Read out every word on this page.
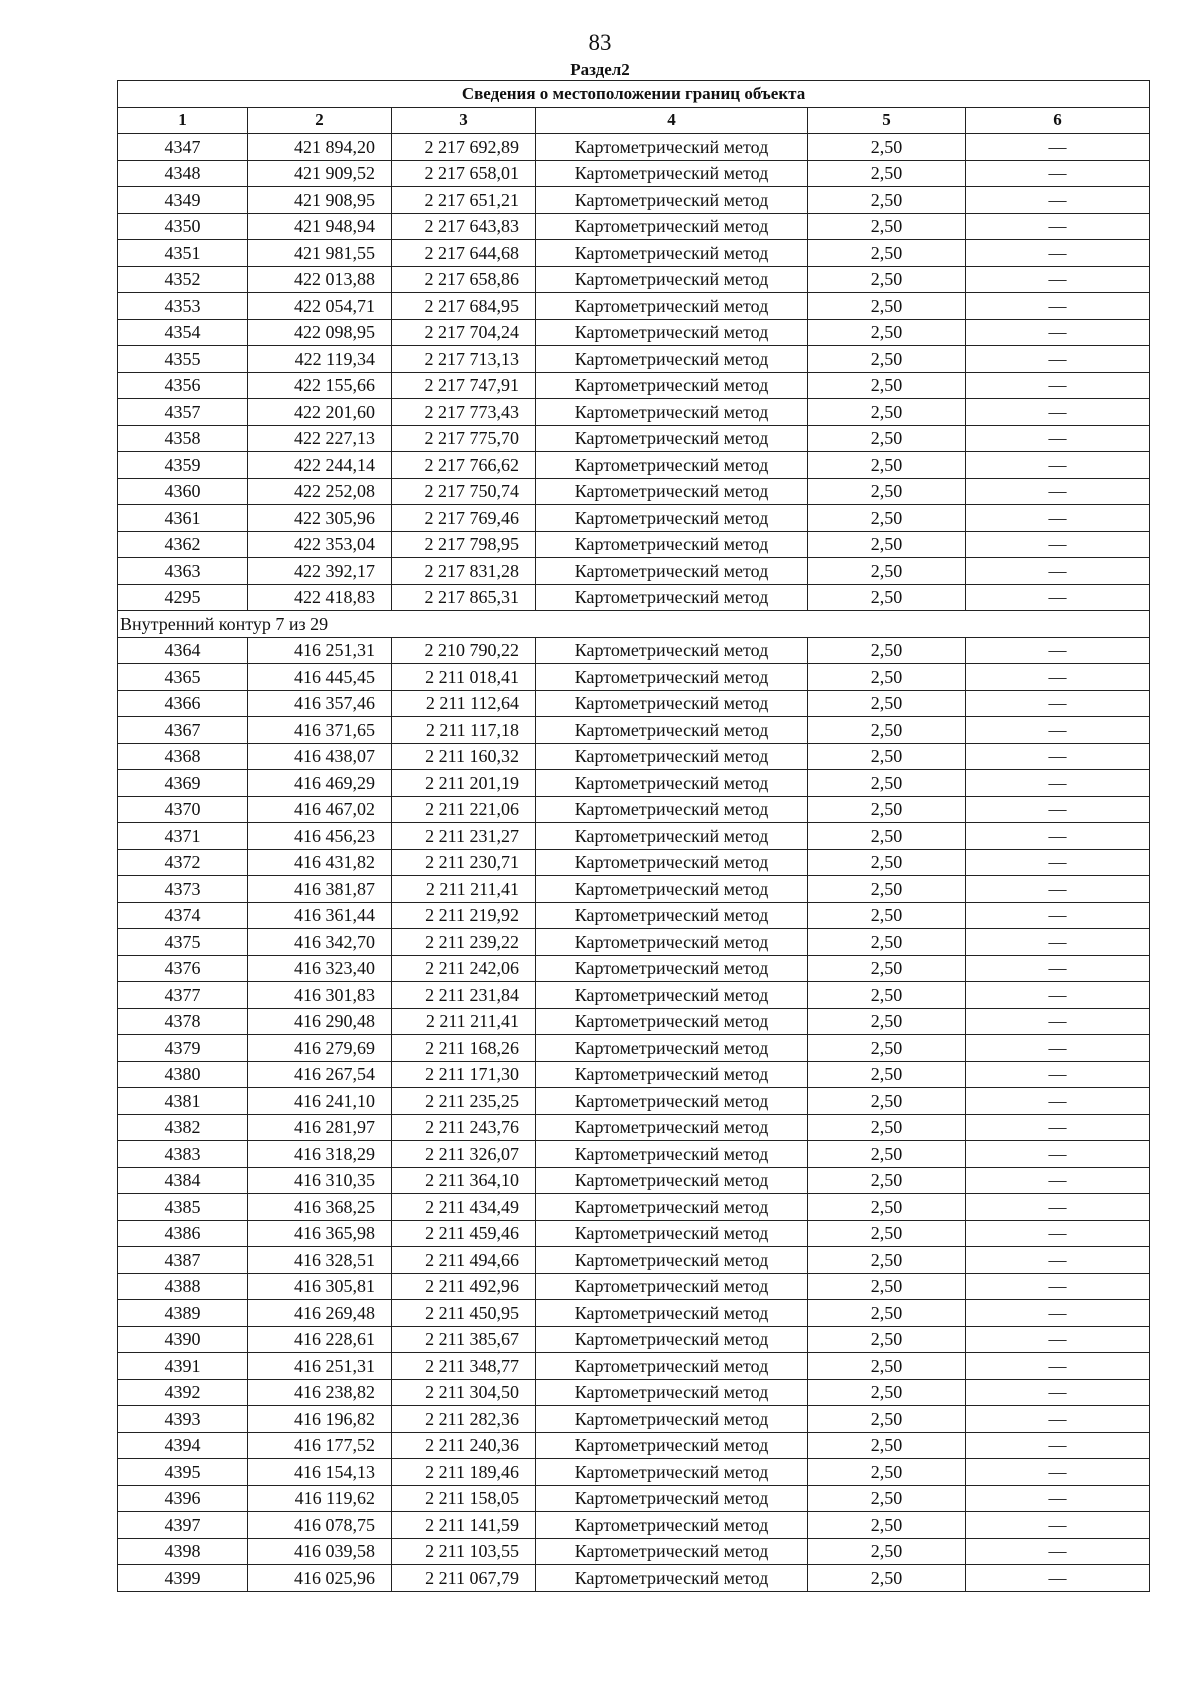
83
Раздел2
Сведения о местоположении границ объекта					
1	2	3	4	5	6
4347	421 894,20	2 217 692,89	Картометрический метод	2,50	—
4348	421 909,52	2 217 658,01	Картометрический метод	2,50	—
4349	421 908,95	2 217 651,21	Картометрический метод	2,50	—
4350	421 948,94	2 217 643,83	Картометрический метод	2,50	—
4351	421 981,55	2 217 644,68	Картометрический метод	2,50	—
4352	422 013,88	2 217 658,86	Картометрический метод	2,50	—
4353	422 054,71	2 217 684,95	Картометрический метод	2,50	—
4354	422 098,95	2 217 704,24	Картометрический метод	2,50	—
4355	422 119,34	2 217 713,13	Картометрический метод	2,50	—
4356	422 155,66	2 217 747,91	Картометрический метод	2,50	—
4357	422 201,60	2 217 773,43	Картометрический метод	2,50	—
4358	422 227,13	2 217 775,70	Картометрический метод	2,50	—
4359	422 244,14	2 217 766,62	Картометрический метод	2,50	—
4360	422 252,08	2 217 750,74	Картометрический метод	2,50	—
4361	422 305,96	2 217 769,46	Картометрический метод	2,50	—
4362	422 353,04	2 217 798,95	Картометрический метод	2,50	—
4363	422 392,17	2 217 831,28	Картометрический метод	2,50	—
4295	422 418,83	2 217 865,31	Картометрический метод	2,50	—
Внутренний контур 7 из 29					
4364	416 251,31	2 210 790,22	Картометрический метод	2,50	—
4365	416 445,45	2 211 018,41	Картометрический метод	2,50	—
4366	416 357,46	2 211 112,64	Картометрический метод	2,50	—
4367	416 371,65	2 211 117,18	Картометрический метод	2,50	—
4368	416 438,07	2 211 160,32	Картометрический метод	2,50	—
4369	416 469,29	2 211 201,19	Картометрический метод	2,50	—
4370	416 467,02	2 211 221,06	Картометрический метод	2,50	—
4371	416 456,23	2 211 231,27	Картометрический метод	2,50	—
4372	416 431,82	2 211 230,71	Картометрический метод	2,50	—
4373	416 381,87	2 211 211,41	Картометрический метод	2,50	—
4374	416 361,44	2 211 219,92	Картометрический метод	2,50	—
4375	416 342,70	2 211 239,22	Картометрический метод	2,50	—
4376	416 323,40	2 211 242,06	Картометрический метод	2,50	—
4377	416 301,83	2 211 231,84	Картометрический метод	2,50	—
4378	416 290,48	2 211 211,41	Картометрический метод	2,50	—
4379	416 279,69	2 211 168,26	Картометрический метод	2,50	—
4380	416 267,54	2 211 171,30	Картометрический метод	2,50	—
4381	416 241,10	2 211 235,25	Картометрический метод	2,50	—
4382	416 281,97	2 211 243,76	Картометрический метод	2,50	—
4383	416 318,29	2 211 326,07	Картометрический метод	2,50	—
4384	416 310,35	2 211 364,10	Картометрический метод	2,50	—
4385	416 368,25	2 211 434,49	Картометрический метод	2,50	—
4386	416 365,98	2 211 459,46	Картометрический метод	2,50	—
4387	416 328,51	2 211 494,66	Картометрический метод	2,50	—
4388	416 305,81	2 211 492,96	Картометрический метод	2,50	—
4389	416 269,48	2 211 450,95	Картометрический метод	2,50	—
4390	416 228,61	2 211 385,67	Картометрический метод	2,50	—
4391	416 251,31	2 211 348,77	Картометрический метод	2,50	—
4392	416 238,82	2 211 304,50	Картометрический метод	2,50	—
4393	416 196,82	2 211 282,36	Картометрический метод	2,50	—
4394	416 177,52	2 211 240,36	Картометрический метод	2,50	—
4395	416 154,13	2 211 189,46	Картометрический метод	2,50	—
4396	416 119,62	2 211 158,05	Картометрический метод	2,50	—
4397	416 078,75	2 211 141,59	Картометрический метод	2,50	—
4398	416 039,58	2 211 103,55	Картометрический метод	2,50	—
4399	416 025,96	2 211 067,79	Картометрический метод	2,50	—
